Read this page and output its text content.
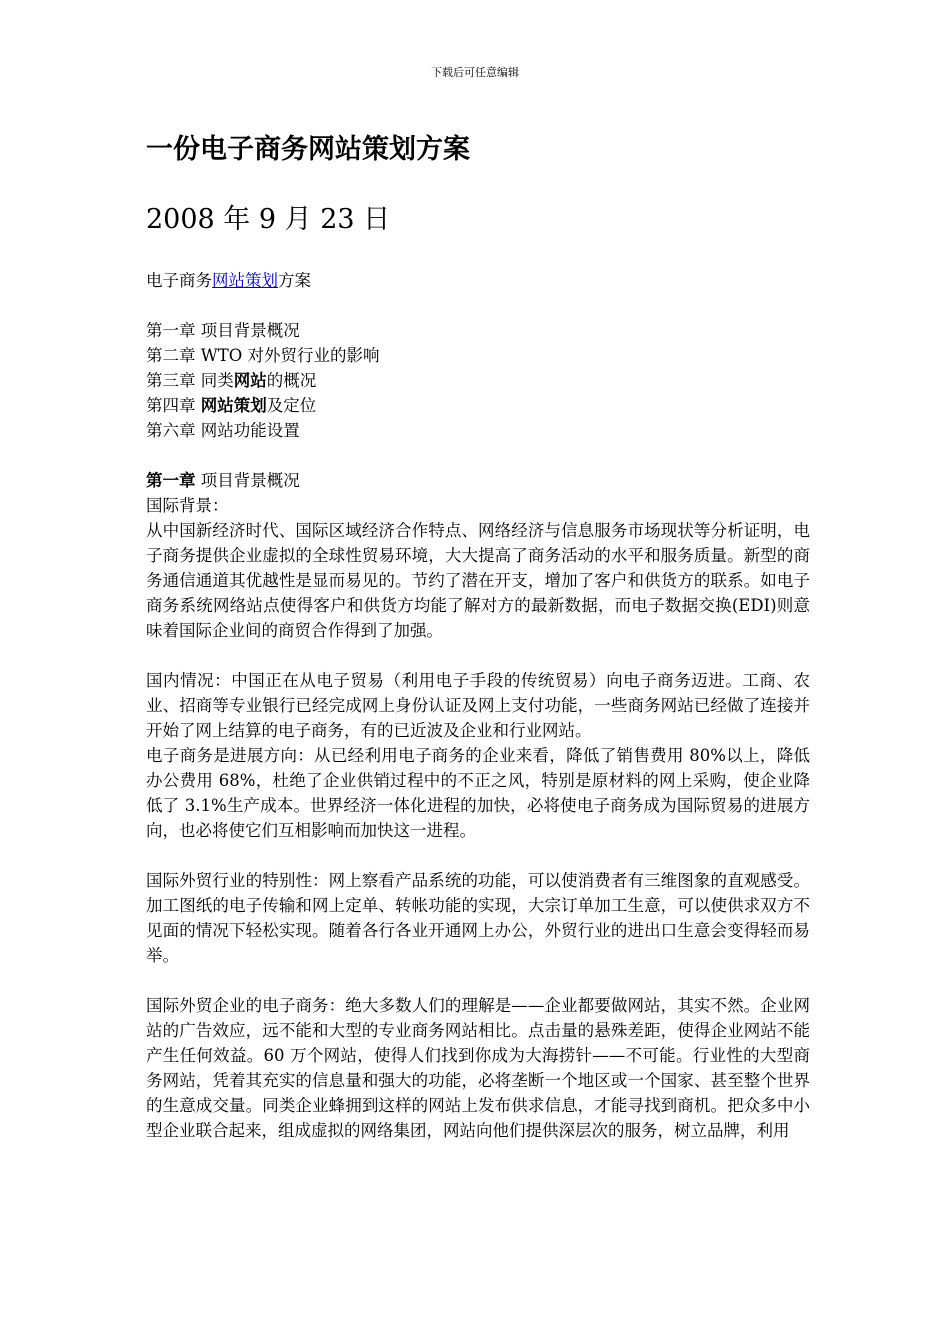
下载后可任意编辑
一份电子商务网站策划方案
2008 年 9 月 23 日

电子商务网站策划方案

第一章 项目背景概况

第二章 WTO 对外贸行业的影响

第三章 同类网站的概况

第四章 网站策划及定位

第六章 网站功能设置

第一章 项目背景概况

国际背景：

从中国新经济时代、国际区域经济合作特点、网络经济与信息服务市场现状等分析证明，电子商务提供企业虚拟的全球性贸易环境，大大提高了商务活动的水平和服务质量。新型的商务通信通道其优越性是显而易见的。节约了潜在开支，增加了客户和供货方的联系。如电子商务系统网络站点使得客户和供货方均能了解对方的最新数据，而电子数据交换(EDI)则意味着国际企业间的商贸合作得到了加强。

国内情况：中国正在从电子贸易（利用电子手段的传统贸易）向电子商务迈进。工商、农业、招商等专业银行已经完成网上身份认证及网上支付功能，一些商务网站已经做了连接并开始了网上结算的电子商务，有的已近波及企业和行业网站。

电子商务是进展方向：从已经利用电子商务的企业来看，降低了销售费用 80%以上，降低办公费用 68%，杜绝了企业供销过程中的不正之风，特别是原材料的网上采购，使企业降低了 3.1%生产成本。世界经济一体化进程的加快，必将使电子商务成为国际贸易的进展方向，也必将使它们互相影响而加快这一进程。

国际外贸行业的特别性：网上察看产品系统的功能，可以使消费者有三维图象的直观感受。加工图纸的电子传输和网上定单、转帐功能的实现，大宗订单加工生意，可以使供求双方不见面的情况下轻松实现。随着各行各业开通网上办公，外贸行业的进出口生意会变得轻而易举。

国际外贸企业的电子商务：绝大多数人们的理解是——企业都要做网站，其实不然。企业网站的广告效应，远不能和大型的专业商务网站相比。点击量的悬殊差距，使得企业网站不能产生任何效益。60 万个网站，使得人们找到你成为大海捞针——不可能。行业性的大型商务网站，凭着其充实的信息量和强大的功能，必将垄断一个地区或一个国家、甚至整个世界的生意成交量。同类企业蜂拥到这样的网站上发布供求信息，才能寻找到商机。把众多中小型企业联合起来，组成虚拟的网络集团，网站向他们提供深层次的服务，树立品牌，利用
